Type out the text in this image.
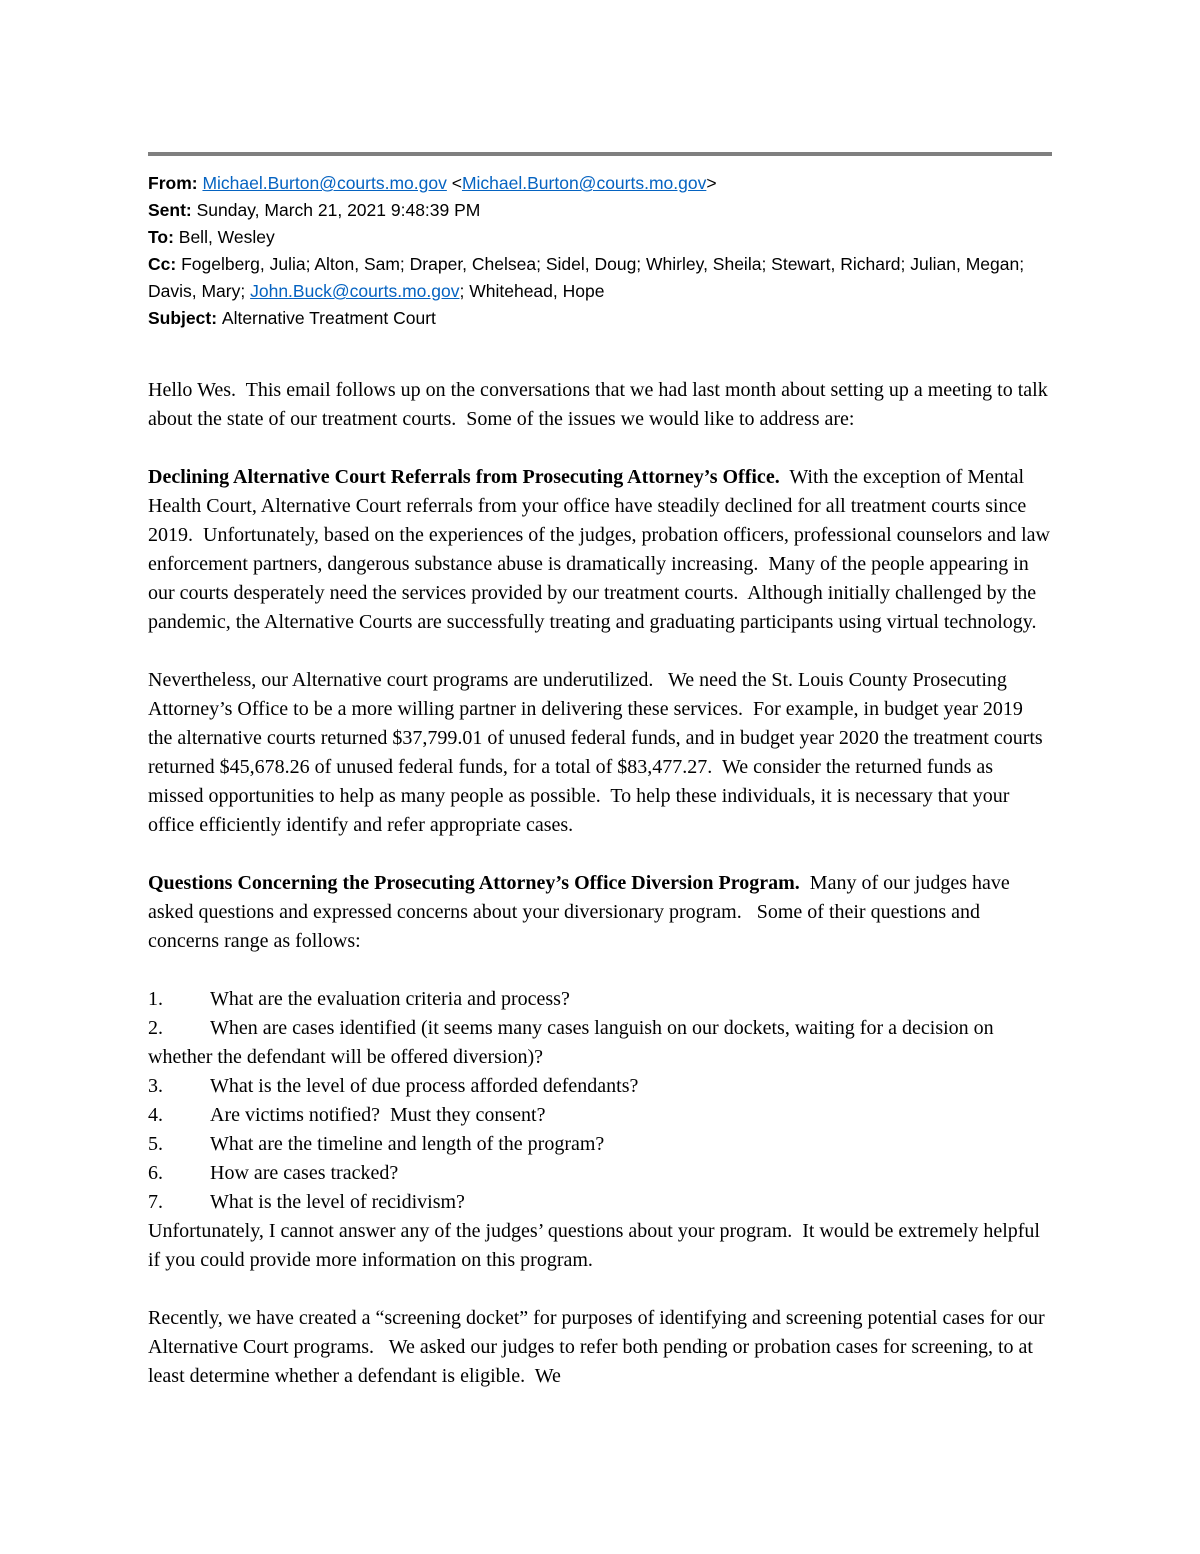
From: Michael.Burton@courts.mo.gov <Michael.Burton@courts.mo.gov>

Sent: Sunday, March 21, 2021 9:48:39 PM

To: Bell, Wesley

Cc: Fogelberg, Julia; Alton, Sam; Draper, Chelsea; Sidel, Doug; Whirley, Sheila; Stewart, Richard; Julian, Megan; Davis, Mary; John.Buck@courts.mo.gov; Whitehead, Hope

Subject: Alternative Treatment Court

Hello Wes.  This email follows up on the conversations that we had last month about setting up a meeting to talk about the state of our treatment courts.  Some of the issues we would like to address are:

Declining Alternative Court Referrals from Prosecuting Attorney’s Office.  With the exception of Mental Health Court, Alternative Court referrals from your office have steadily declined for all treatment courts since 2019.  Unfortunately, based on the experiences of the judges, probation officers, professional counselors and law enforcement partners, dangerous substance abuse is dramatically increasing.  Many of the people appearing in our courts desperately need the services provided by our treatment courts.  Although initially challenged by the pandemic, the Alternative Courts are successfully treating and graduating participants using virtual technology.

Nevertheless, our Alternative court programs are underutilized.   We need the St. Louis County Prosecuting Attorney’s Office to be a more willing partner in delivering these services.  For example, in budget year 2019 the alternative courts returned $37,799.01 of unused federal funds, and in budget year 2020 the treatment courts returned $45,678.26 of unused federal funds, for a total of $83,477.27.  We consider the returned funds as missed opportunities to help as many people as possible.  To help these individuals, it is necessary that your office efficiently identify and refer appropriate cases.

Questions Concerning the Prosecuting Attorney’s Office Diversion Program.  Many of our judges have asked questions and expressed concerns about your diversionary program.   Some of their questions and concerns range as follows:

1. What are the evaluation criteria and process?

2. When are cases identified (it seems many cases languish on our dockets, waiting for a decision on whether the defendant will be offered diversion)?

3. What is the level of due process afforded defendants?

4. Are victims notified?  Must they consent?

5. What are the timeline and length of the program?

6. How are cases tracked?

7. What is the level of recidivism?

Unfortunately, I cannot answer any of the judges’ questions about your program.  It would be extremely helpful if you could provide more information on this program.

Recently, we have created a “screening docket” for purposes of identifying and screening potential cases for our Alternative Court programs.   We asked our judges to refer both pending or probation cases for screening, to at least determine whether a defendant is eligible.  We
